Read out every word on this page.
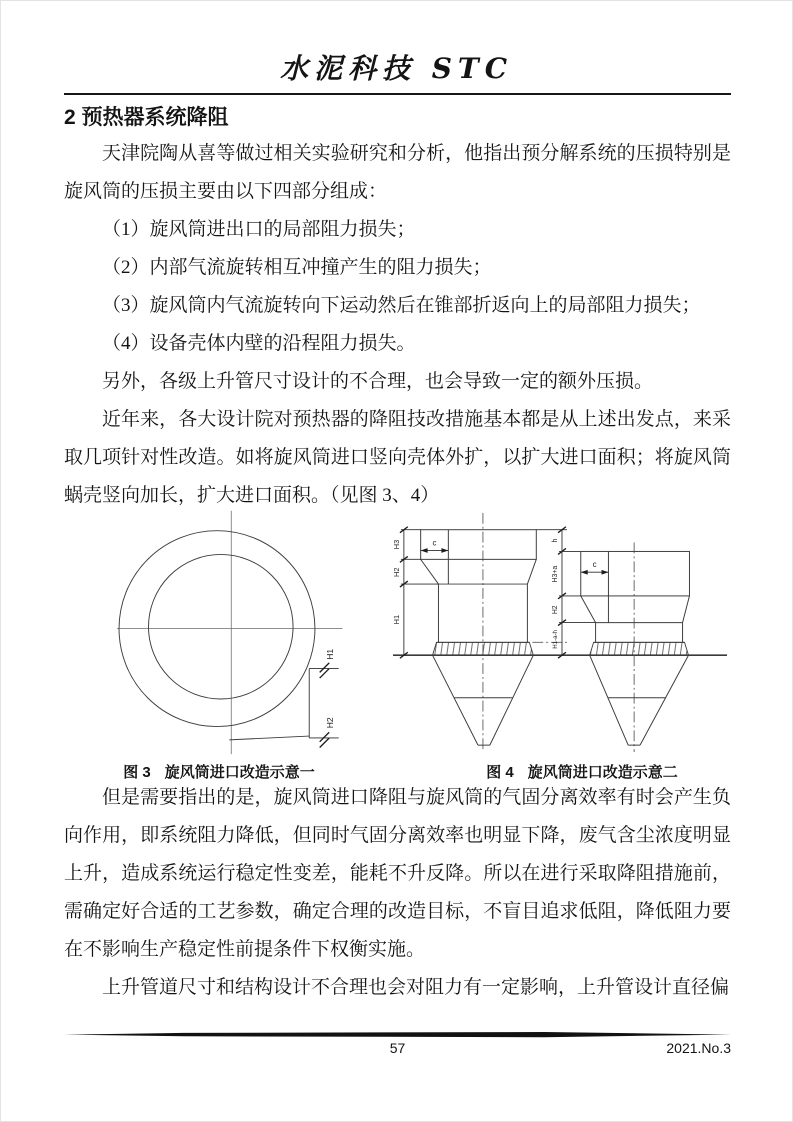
水泥科技 STC
2 预热器系统降阻

天津院陶从喜等做过相关实验研究和分析，他指出预分解系统的压损特别是旋风筒的压损主要由以下四部分组成：

（1）旋风筒进出口的局部阻力损失；

（2）内部气流旋转相互冲撞产生的阻力损失；

（3）旋风筒内气流旋转向下运动然后在锥部折返向上的局部阻力损失；

（4）设备壳体内壁的沿程阻力损失。

另外，各级上升管尺寸设计的不合理，也会导致一定的额外压损。

近年来，各大设计院对预热器的降阻技改措施基本都是从上述出发点，来采取几项针对性改造。如将旋风筒进口竖向壳体外扩，以扩大进口面积；将旋风筒蜗壳竖向加长，扩大进口面积。（见图 3、4）

H1
H2
图 3 旋风筒进口改造示意一
c
H3
H2
H1
h
H3+a
H2
H1-a-h
c
图 4 旋风筒进口改造示意二

但是需要指出的是，旋风筒进口降阻与旋风筒的气固分离效率有时会产生负向作用，即系统阻力降低，但同时气固分离效率也明显下降，废气含尘浓度明显上升，造成系统运行稳定性变差，能耗不升反降。所以在进行采取降阻措施前，需确定好合适的工艺参数，确定合理的改造目标，不盲目追求低阻，降低阻力要在不影响生产稳定性前提条件下权衡实施。

上升管道尺寸和结构设计不合理也会对阻力有一定影响，上升管设计直径偏

57	2021.No.3
